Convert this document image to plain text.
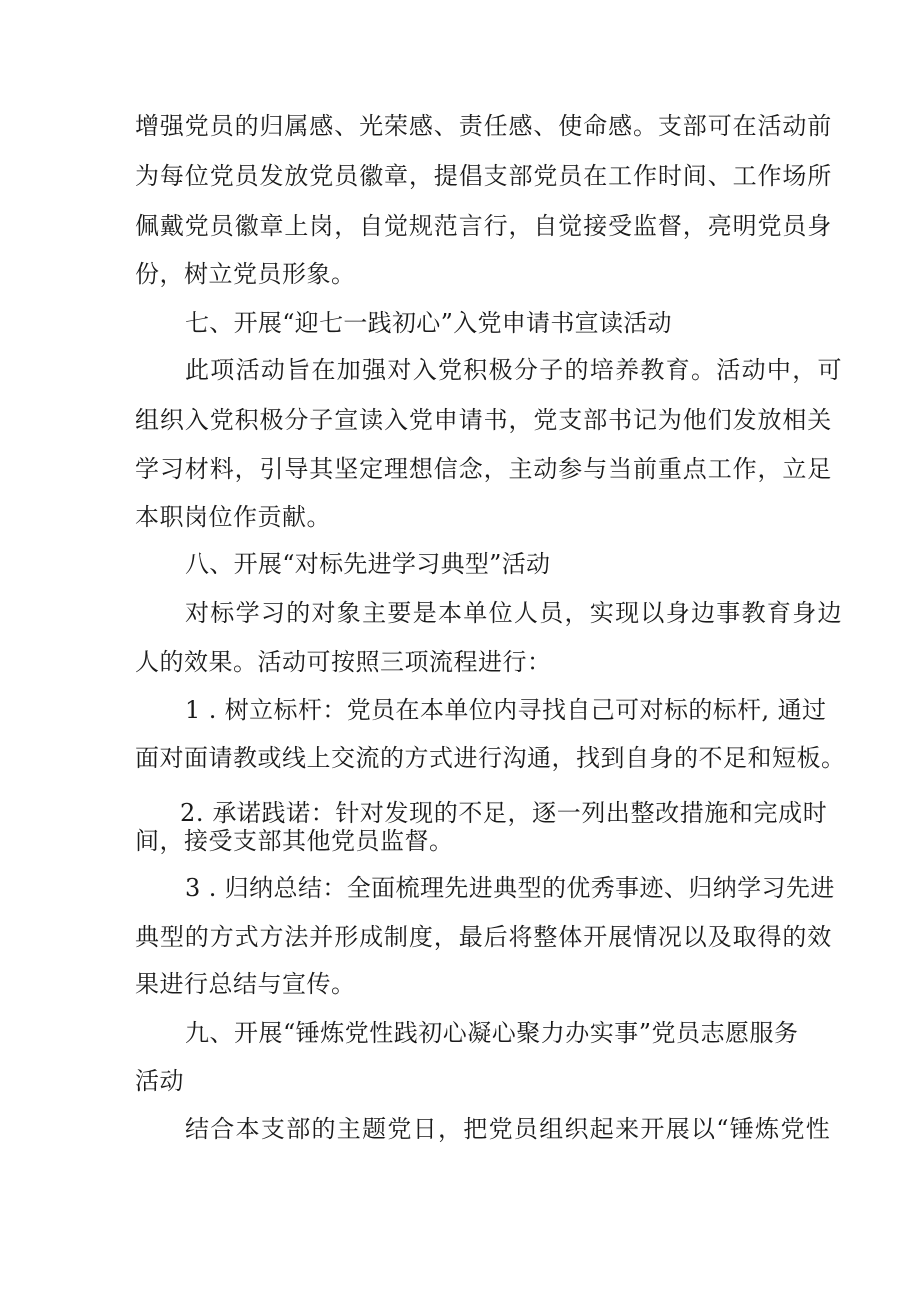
增强党员的归属感、光荣感、责任感、使命感。支部可在活动前
为每位党员发放党员徽章，提倡支部党员在工作时间、工作场所
佩戴党员徽章上岗，自觉规范言行，自觉接受监督，亮明党员身
份，树立党员形象。
七、开展“迎七一践初心”入党申请书宣读活动
此项活动旨在加强对入党积极分子的培养教育。活动中，可
组织入党积极分子宣读入党申请书，党支部书记为他们发放相关
学习材料，引导其坚定理想信念，主动参与当前重点工作，立足
本职岗位作贡献。
八、开展“对标先进学习典型”活动
对标学习的对象主要是本单位人员，实现以身边事教育身边
人的效果。活动可按照三项流程进行：
1 . 树立标杆：党员在本单位内寻找自己可对标的标杆, 通过
面对面请教或线上交流的方式进行沟通，找到自身的不足和短板。
2. 承诺践诺：针对发现的不足，逐一列出整改措施和完成时
间，接受支部其他党员监督。
3 . 归纳总结：全面梳理先进典型的优秀事迹、归纳学习先进
典型的方式方法并形成制度，最后将整体开展情况以及取得的效
果进行总结与宣传。
九、开展“锤炼党性践初心凝心聚力办实事”党员志愿服务
活动
结合本支部的主题党日，把党员组织起来开展以“锤炼党性
